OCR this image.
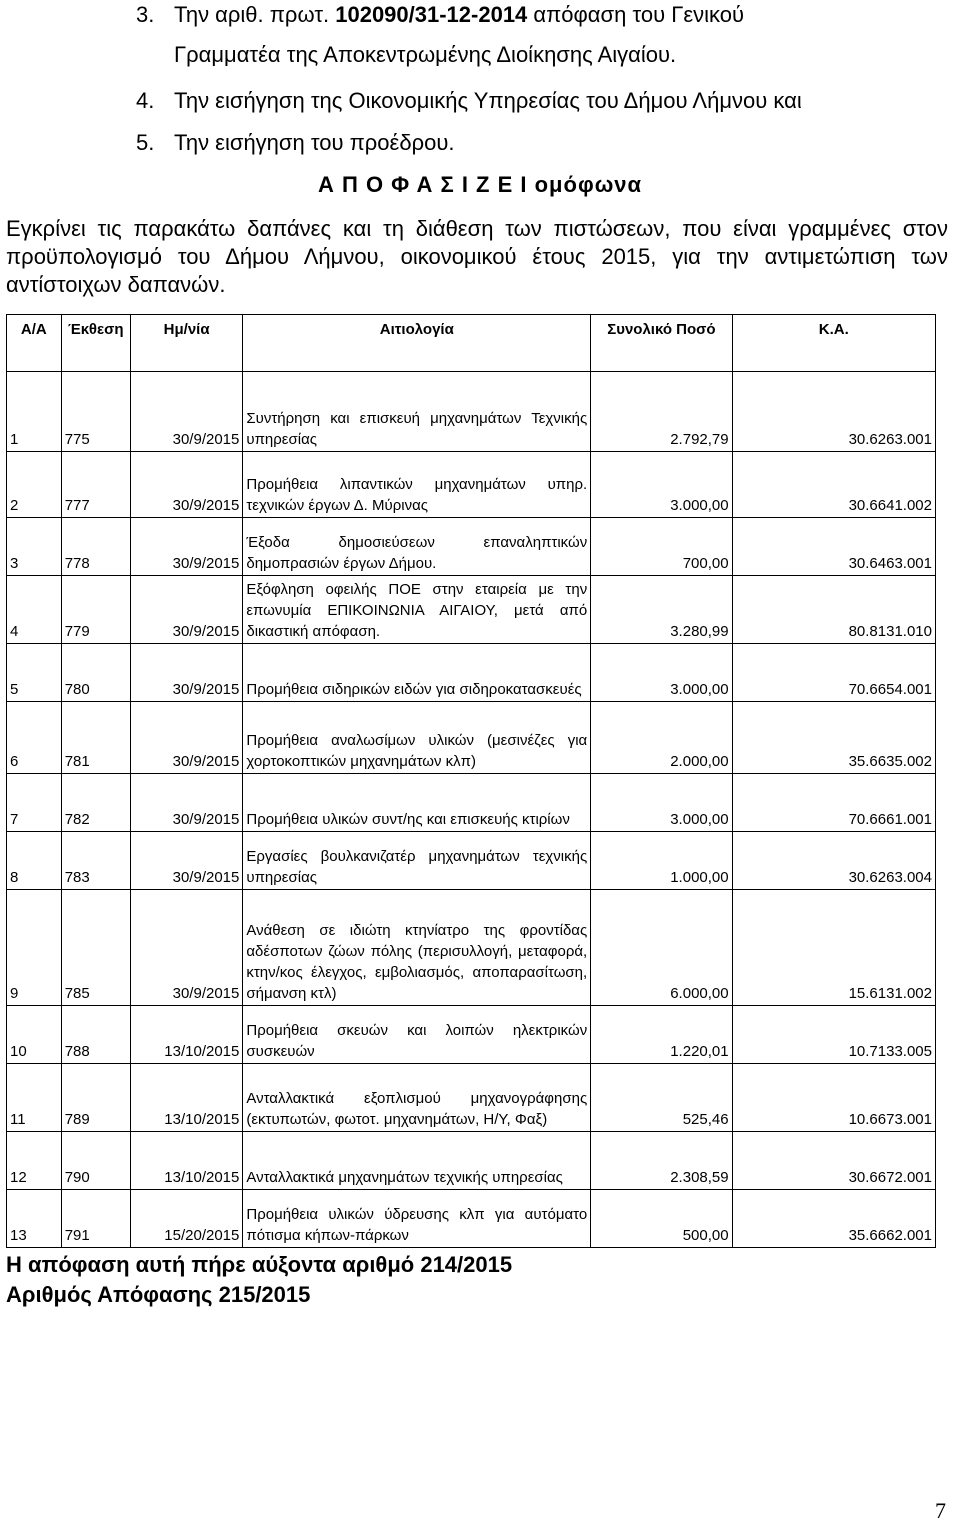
3. Την αριθ. πρωτ. 102090/31-12-2014 απόφαση του Γενικού
Γραμματέα της Αποκεντρωμένης Διοίκησης Αιγαίου.
4. Την εισήγηση της Οικονομικής Υπηρεσίας του Δήμου Λήμνου και
5. Την εισήγηση του προέδρου.
Α Π Ο Φ Α Σ Ι Ζ Ε Ι ομόφωνα
Εγκρίνει τις παρακάτω δαπάνες και τη διάθεση των πιστώσεων, που είναι γραμμένες στον προϋπολογισμό του Δήμου Λήμνου, οικονομικού έτους 2015, για την αντιμετώπιση των αντίστοιχων δαπανών.
Α/Α	Έκθεση	Ημ/νία	Αιτιολογία	Συνολικό Ποσό	Κ.Α.
1	775	30/9/2015	Συντήρηση και επισκευή μηχανημάτων Τεχνικής υπηρεσίας	2.792,79	30.6263.001
2	777	30/9/2015	Προμήθεια λιπαντικών μηχανημάτων υπηρ. τεχνικών έργων Δ. Μύρινας	3.000,00	30.6641.002
3	778	30/9/2015	Έξοδα δημοσιεύσεων επαναληπτικών δημοπρασιών έργων Δήμου.	700,00	30.6463.001
4	779	30/9/2015	Εξόφληση οφειλής ΠΟΕ στην εταιρεία με την επωνυμία ΕΠΙΚΟΙΝΩΝΙΑ ΑΙΓΑΙΟΥ, μετά από δικαστική απόφαση.	3.280,99	80.8131.010
5	780	30/9/2015	Προμήθεια σιδηρικών ειδών για σιδηροκατασκευές	3.000,00	70.6654.001
6	781	30/9/2015	Προμήθεια αναλωσίμων υλικών (μεσινέζες για χορτοκοπτικών μηχανημάτων κλπ)	2.000,00	35.6635.002
7	782	30/9/2015	Προμήθεια υλικών συντ/ης και επισκευής κτιρίων	3.000,00	70.6661.001
8	783	30/9/2015	Εργασίες βουλκανιζατέρ μηχανημάτων τεχνικής υπηρεσίας	1.000,00	30.6263.004
9	785	30/9/2015	Ανάθεση σε ιδιώτη κτηνίατρο της φροντίδας αδέσποτων ζώων πόλης (περισυλλογή, μεταφορά, κτην/κος έλεγχος, εμβολιασμός, αποπαρασίτωση, σήμανση κτλ)	6.000,00	15.6131.002
10	788	13/10/2015	Προμήθεια σκευών και λοιπών ηλεκτρικών συσκευών	1.220,01	10.7133.005
11	789	13/10/2015	Ανταλλακτικά εξοπλισμού μηχανογράφησης (εκτυπωτών, φωτοτ. μηχανημάτων, Η/Υ, Φαξ)	525,46	10.6673.001
12	790	13/10/2015	Ανταλλακτικά μηχανημάτων τεχνικής υπηρεσίας	2.308,59	30.6672.001
13	791	15/20/2015	Προμήθεια υλικών ύδρευσης κλπ για αυτόματο πότισμα κήπων-πάρκων	500,00	35.6662.001
Η απόφαση αυτή πήρε αύξοντα αριθμό 214/2015
Αριθμός Απόφασης 215/2015
7
